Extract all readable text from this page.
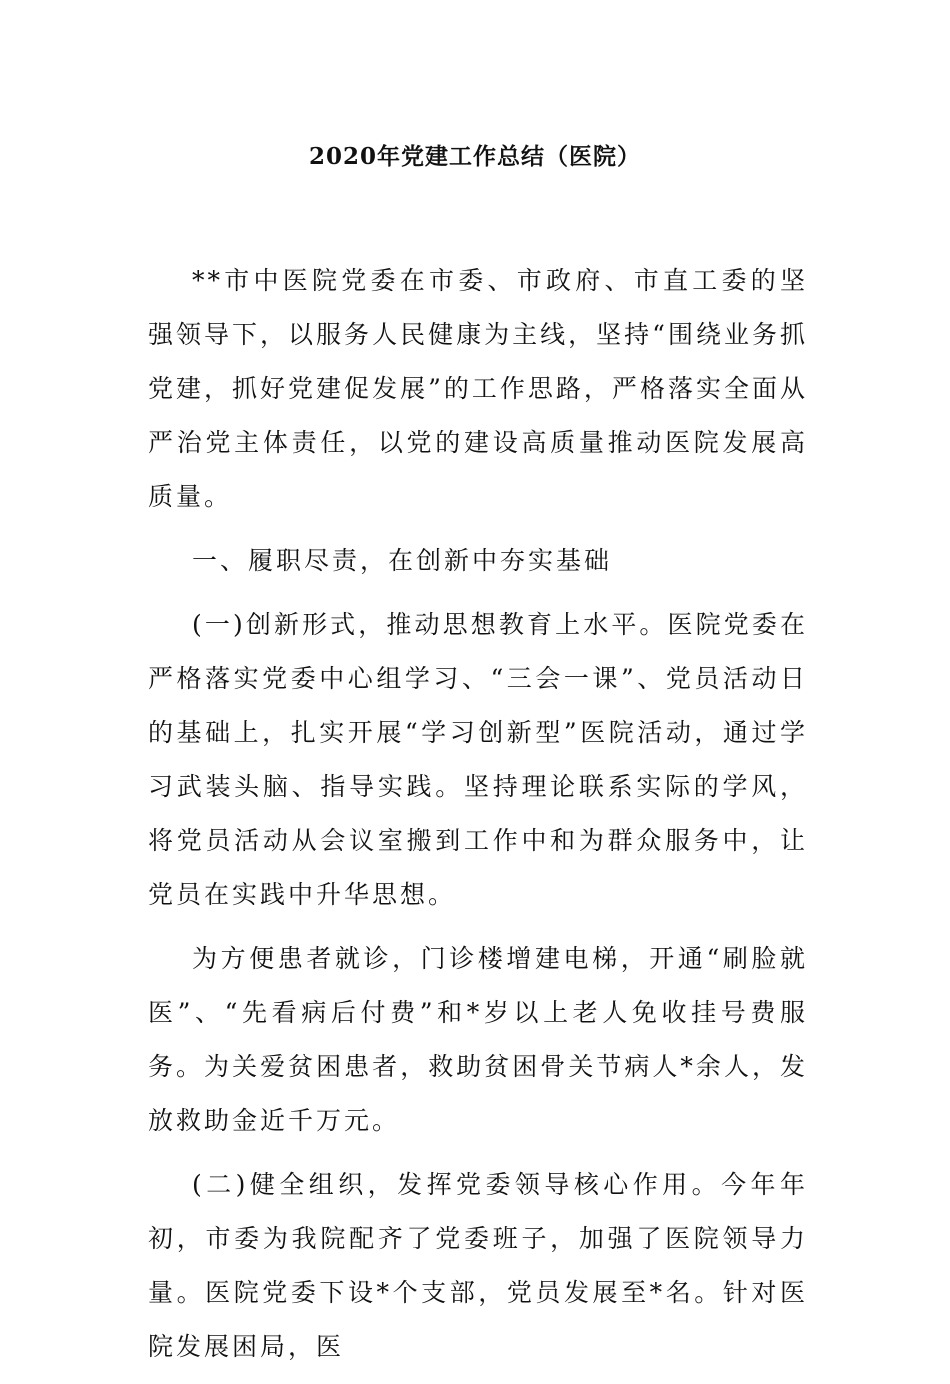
2020年党建工作总结（医院）

**市中医院党委在市委、市政府、市直工委的坚强领导下，以服务人民健康为主线，坚持“围绕业务抓党建，抓好党建促发展”的工作思路，严格落实全面从严治党主体责任，以党的建设高质量推动医院发展高质量。

一、履职尽责，在创新中夯实基础

(一)创新形式，推动思想教育上水平。医院党委在严格落实党委中心组学习、“三会一课”、党员活动日的基础上，扎实开展“学习创新型”医院活动，通过学习武装头脑、指导实践。坚持理论联系实际的学风，将党员活动从会议室搬到工作中和为群众服务中，让党员在实践中升华思想。

为方便患者就诊，门诊楼增建电梯，开通“刷脸就医”、“先看病后付费”和*岁以上老人免收挂号费服务。为关爱贫困患者，救助贫困骨关节病人*余人，发放救助金近千万元。

(二)健全组织，发挥党委领导核心作用。今年年初，市委为我院配齐了党委班子，加强了医院领导力量。医院党委下设*个支部，党员发展至*名。针对医院发展困局，医
